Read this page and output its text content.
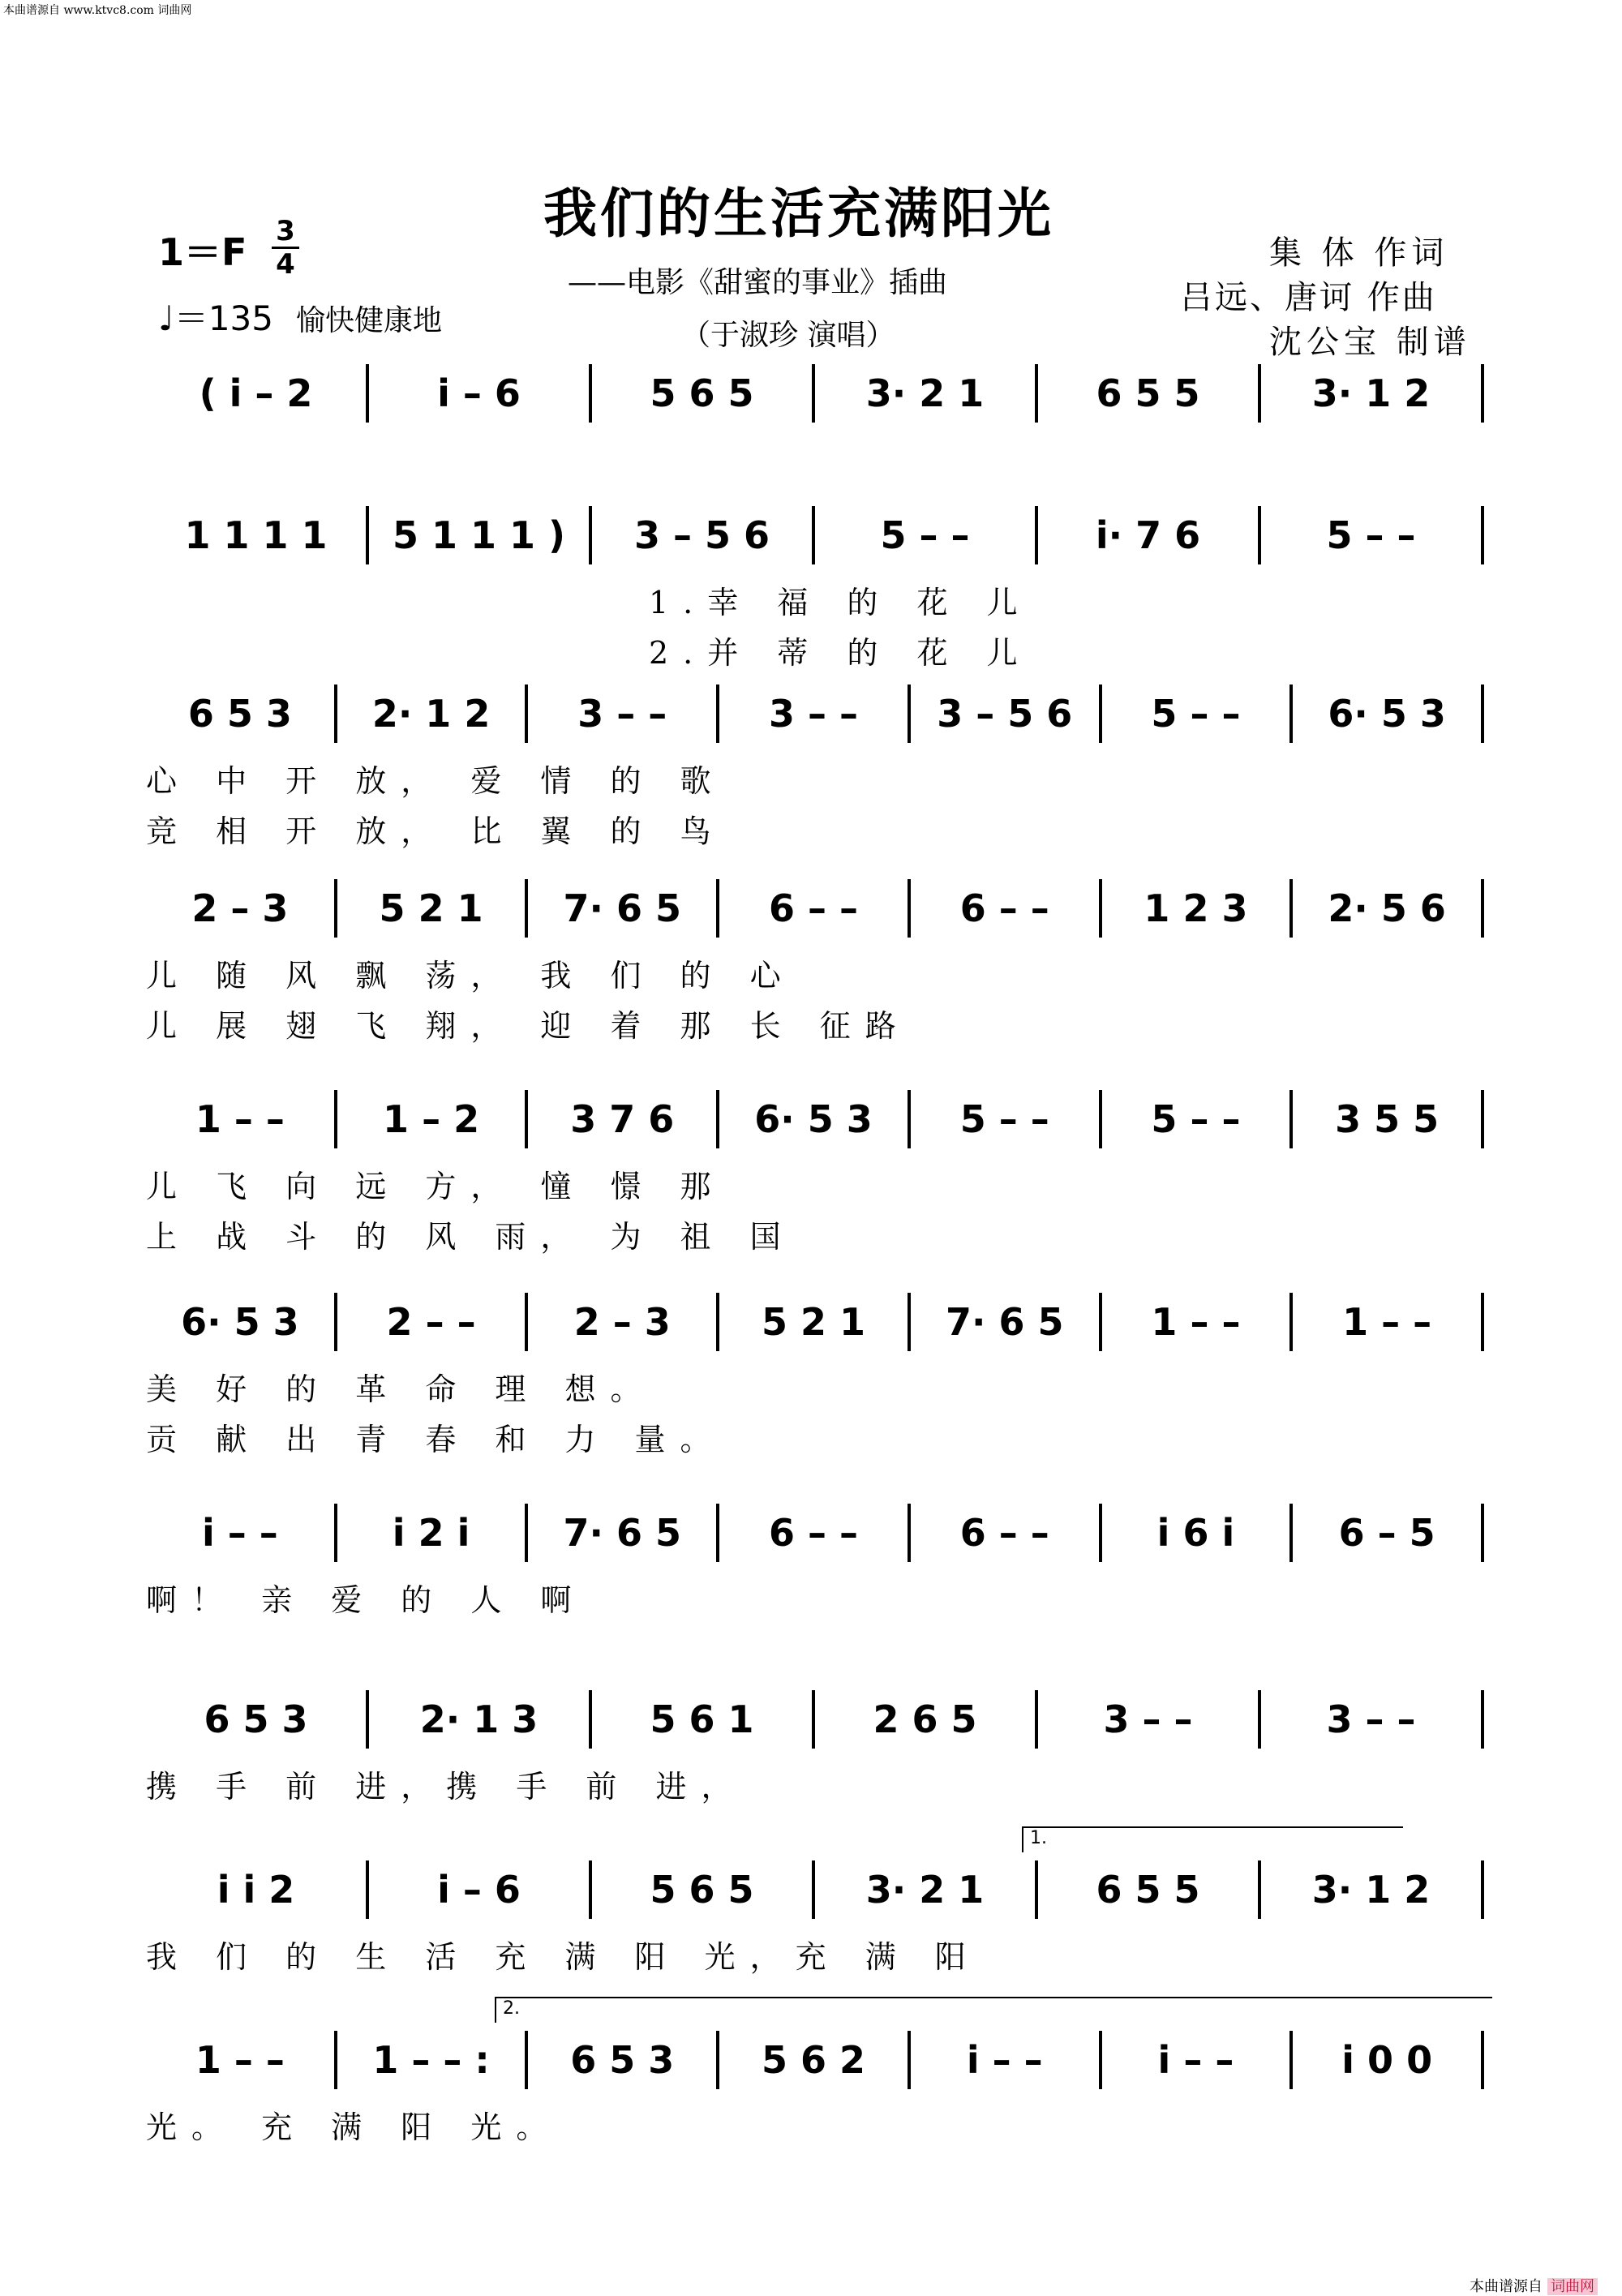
本曲谱源自 www.ktvc8.com 词曲网
我们的生活充满阳光
——电影《甜蜜的事业》插曲
（于淑珍 演唱）
1＝F 3
4
♩＝135 愉快健康地
集 体 作词
吕远、唐诃 作曲
沈公宝 制谱
( i – 2	i – 6	5 6 5	3· 2 1	6 5 5	3· 1 2
1 1 1 1	5 1 1 1 )	3 – 5 6	5 – –	i· 7 6	5 – –
1.幸 福 的 花 儿
2.并 蒂 的 花 儿
6 5 3	2· 1 2	3 – –	3 – –	3 – 5 6	5 – –	6· 5 3
心 中 开 放， 爱 情 的 歌
竞 相 开 放， 比 翼 的 鸟
2 – 3	5 2 1	7· 6 5	6 – –	6 – –	1 2 3	2· 5 6
儿 随 风 飘 荡， 我 们 的 心
儿 展 翅 飞 翔， 迎 着 那 长 征路
1 – –	1 – 2	3 7 6	6· 5 3	5 – –	5 – –	3 5 5
儿 飞 向 远 方， 憧 憬 那
上 战 斗 的 风 雨， 为 祖 国
6· 5 3	2 – –	2 – 3	5 2 1	7· 6 5	1 – –	1 – –
美 好 的 革 命 理 想。
贡 献 出 青 春 和 力 量。
i – –	i 2 i	7· 6 5	6 – –	6 – –	i 6 i	6 – 5
啊！ 亲 爱 的 人 啊
6 5 3	2· 1 3	5 6 1	2 6 5	3 – –	3 – –
携 手 前 进，携 手 前 进，
i i 2	i – 6	5 6 5	3· 2 1	6 5 5	3· 1 2
1.
我 们 的 生 活 充 满 阳 光，充 满 阳
1 – –	1 – – :	6 5 3	5 6 2	i – –	i – –	i 0 0
2.
光。 充 满 阳 光。
本曲谱源自 词曲网
